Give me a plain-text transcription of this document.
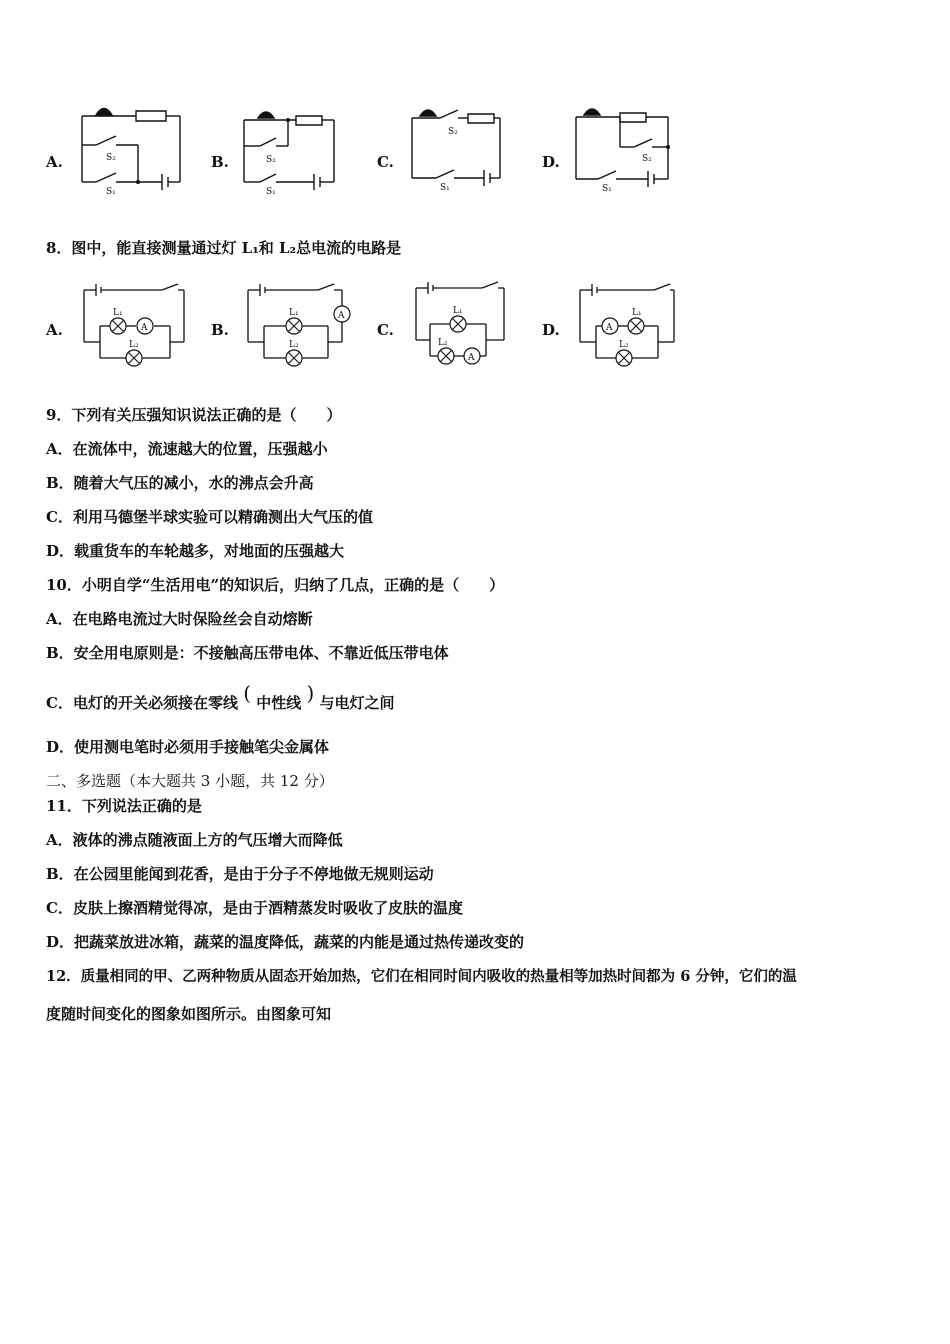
A.	S₂
S₁
B.	S₂
S₁
C.
S₂
S₁
D.	S₂
S₁
8．图中，能直接测量通过灯 L₁和 L₂总电流的电路是
A.	A
L₁
L₂
B.
A
L₁
L₂
C.
A
L₁
L₂
D.	A
L₁
L₂
9．下列有关压强知识说法正确的是（　　）
A．在流体中，流速越大的位置，压强越小
B．随着大气压的减小，水的沸点会升高
C．利用马德堡半球实验可以精确测出大气压的值
D．载重货车的车轮越多，对地面的压强越大
10．小明自学“生活用电”的知识后，归纳了几点，正确的是（　　）
A．在电路电流过大时保险丝会自动熔断
B．安全用电原则是：不接触高压带电体、不靠近低压带电体
C．电灯的开关必须接在零线 ( 中性线 ) 与电灯之间
D．使用测电笔时必须用手接触笔尖金属体
二、多选题（本大题共 3 小题，共 12 分）
11．下列说法正确的是
A．液体的沸点随液面上方的气压增大而降低
B．在公园里能闻到花香，是由于分子不停地做无规则运动
C．皮肤上擦酒精觉得凉，是由于酒精蒸发时吸收了皮肤的温度
D．把蔬菜放进冰箱，蔬菜的温度降低，蔬菜的内能是通过热传递改变的
12．质量相同的甲、乙两种物质从固态开始加热，它们在相同时间内吸收的热量相等加热时间都为 6 分钟，它们的温
度随时间变化的图象如图所示。由图象可知
